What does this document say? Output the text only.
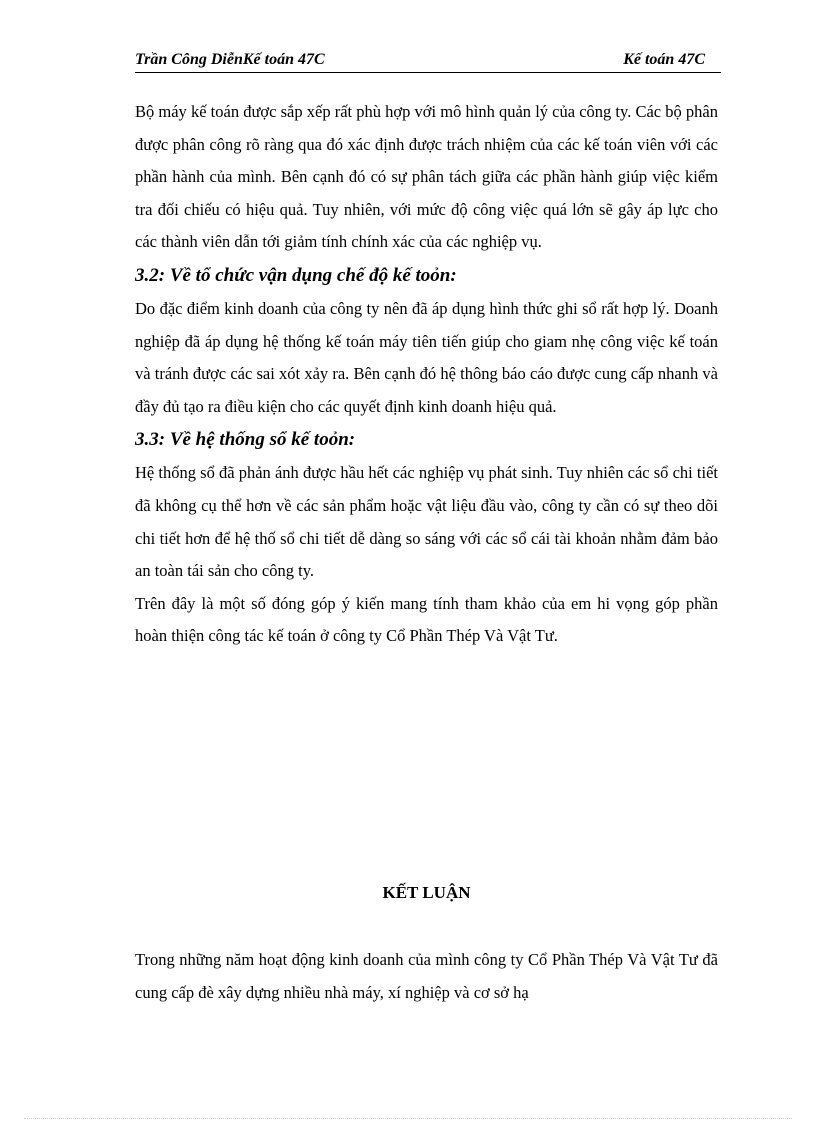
Trần Công DiễnKế toán 47C	Kế toán 47C

Bộ máy kế toán được sắp xếp rất phù hợp với mô hình quản lý của công ty. Các bộ phân được phân công rõ ràng qua đó xác định được trách nhiệm của các kế toán viên với các phần hành của mình. Bên cạnh đó có sự phân tách giữa các phần hành giúp việc kiểm tra đối chiếu có hiệu quả. Tuy nhiên, với mức độ công việc quá lớn sẽ gây áp lực cho các thành viên dẫn tới giảm tính chính xác của các nghiệp vụ.

3.2: Về tổ chức vận dụng chế độ kế toỏn:

Do đặc điểm kinh doanh của công ty nên đã áp dụng hình thức ghi sổ rất hợp lý. Doanh nghiệp đã áp dụng hệ thống kế toán máy tiên tiến giúp cho giam nhẹ công việc kế toán và tránh được các sai xót xảy ra. Bên cạnh đó hệ thông báo cáo được cung cấp nhanh và đầy đủ tạo ra điều kiện cho các quyết định kinh doanh hiệu quả.

3.3: Về hệ thống sổ kế toỏn:

Hệ thống sổ đã phản ánh được hầu hết các nghiệp vụ phát sinh. Tuy nhiên các sổ chi tiết đã không cụ thể hơn về các sản phẩm hoặc vật liệu đầu vào, công ty cần có sự theo dõi chi tiết hơn để hệ thố sổ chi tiết dễ dàng so sáng với các sổ cái tài khoản nhằm đảm bảo an toàn tái sản cho công ty.

Trên đây là một số đóng góp ý kiến mang tính tham khảo của em hi vọng góp phần hoàn thiện công tác kế toán ở công ty Cổ Phần Thép Và Vật Tư.

KẾT LUẬN

Trong những năm hoạt động kinh doanh của mình công ty Cổ Phần Thép Và Vật Tư đã cung cấp đè xây dựng nhiều nhà máy, xí nghiệp và cơ sở hạ
